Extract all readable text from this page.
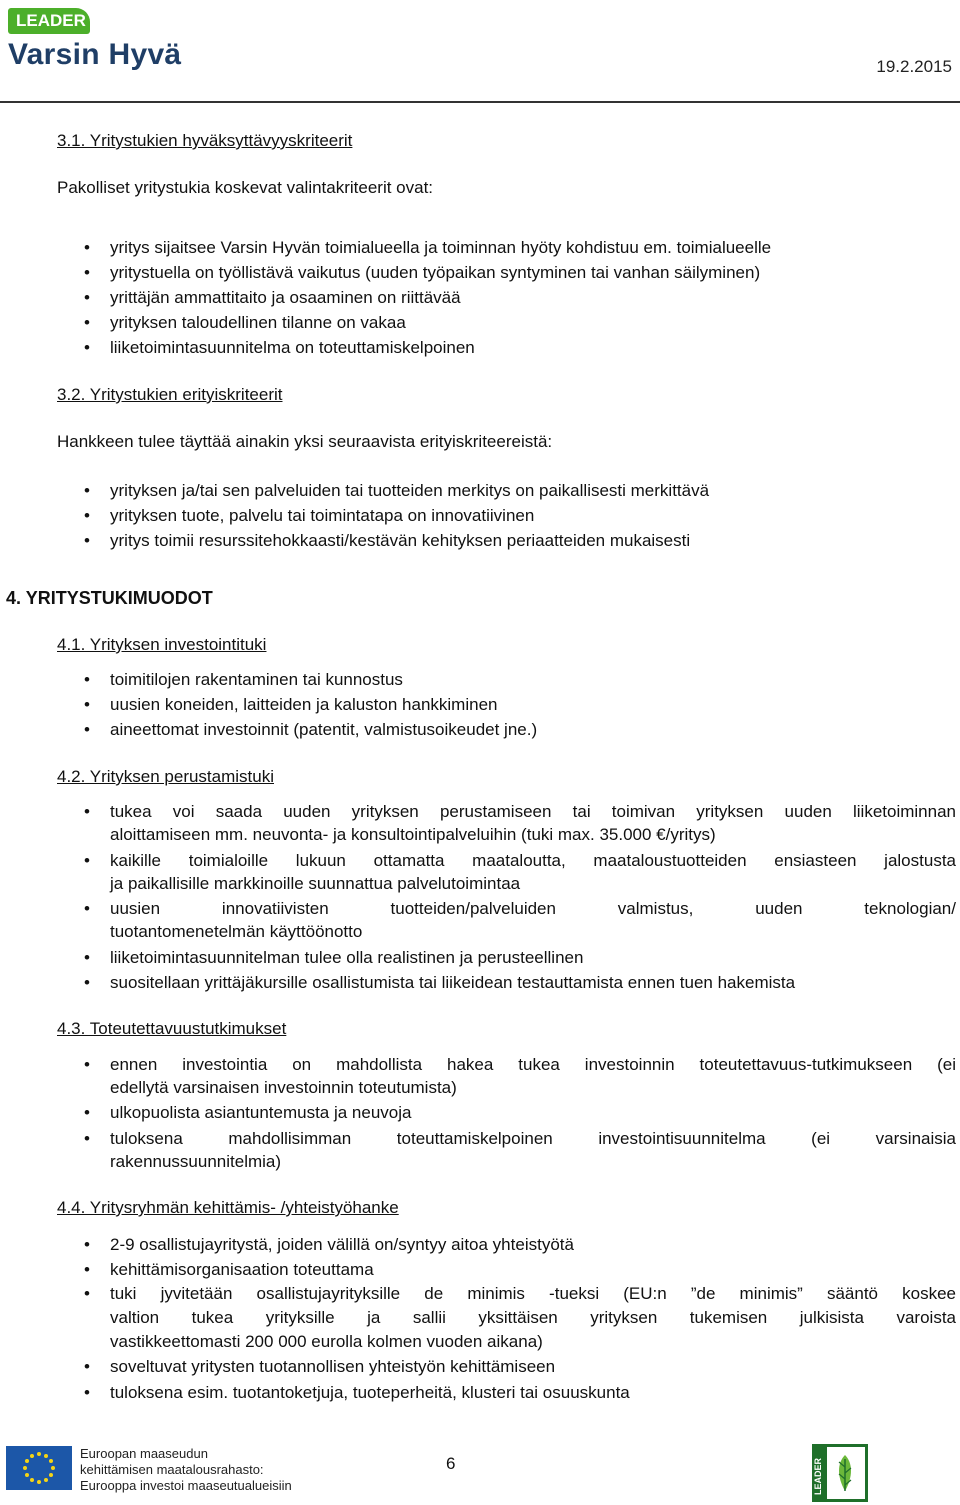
LEADER
Varsin Hyvä	19.2.2015
3.1. Yritystukien hyväksyttävyyskriteerit
Pakolliset yritystukia koskevat valintakriteerit ovat:
•
yritys sijaitsee Varsin Hyvän toimialueella ja toiminnan hyöty kohdistuu em. toimialueelle
•
yritystuella on työllistävä vaikutus (uuden työpaikan syntyminen tai vanhan säilyminen)
•
yrittäjän ammattitaito ja osaaminen on riittävää
•
yrityksen taloudellinen tilanne on vakaa
•
liiketoimintasuunnitelma on toteuttamiskelpoinen
3.2. Yritystukien erityiskriteerit
Hankkeen tulee täyttää ainakin yksi seuraavista erityiskriteereistä:
•
yrityksen ja/tai sen palveluiden tai tuotteiden merkitys on paikallisesti merkittävä
•
yrityksen tuote, palvelu tai toimintatapa on innovatiivinen
•
yritys toimii resurssitehokkaasti/kestävän kehityksen periaatteiden mukaisesti
4. YRITYSTUKIMUODOT
4.1. Yrityksen investointituki
•
toimitilojen rakentaminen tai kunnostus
•
uusien koneiden, laitteiden ja kaluston hankkiminen
•
aineettomat investoinnit (patentit, valmistusoikeudet jne.)
4.2. Yrityksen perustamistuki
•
tukea voi saada uuden yrityksen perustamiseen tai toimivan yrityksen uuden liiketoiminnan
aloittamiseen mm. neuvonta- ja konsultointipalveluihin (tuki max. 35.000 €/yritys)
•
kaikille toimialoille lukuun ottamatta maataloutta, maataloustuotteiden ensiasteen jalostusta
ja paikallisille markkinoille suunnattua palvelutoimintaa
•
uusien innovatiivisten tuotteiden/palveluiden valmistus, uuden teknologian/
tuotantomenetelmän käyttöönotto
•
liiketoimintasuunnitelman tulee olla realistinen ja perusteellinen
•
suositellaan yrittäjäkursille osallistumista tai liikeidean testauttamista ennen tuen hakemista
4.3. Toteutettavuustutkimukset
•
ennen investointia on mahdollista hakea tukea investoinnin toteutettavuus-tutkimukseen (ei
edellytä varsinaisen investoinnin toteutumista)
•
ulkopuolista asiantuntemusta ja neuvoja
•
tuloksena mahdollisimman toteuttamiskelpoinen investointisuunnitelma (ei varsinaisia
rakennussuunnitelmia)
4.4. Yritysryhmän kehittämis- /yhteistyöhanke
•
2-9 osallistujayritystä, joiden välillä on/syntyy aitoa yhteistyötä
•
kehittämisorganisaation toteuttama
•
tuki jyvitetään osallistujayrityksille de minimis -tueksi (EU:n ”de minimis” sääntö koskee
valtion tukea yrityksille ja sallii yksittäisen yrityksen tukemisen julkisista varoista
vastikkeettomasti 200 000 eurolla kolmen vuoden aikana)
•
soveltuvat yritysten tuotannollisen yhteistyön kehittämiseen
•
tuloksena esim. tuotantoketjuja, tuoteperheitä, klusteri tai osuuskunta
Euroopan maaseudun
kehittämisen maatalousrahasto:
Eurooppa investoi maaseutualueisiin
6	LEADER
